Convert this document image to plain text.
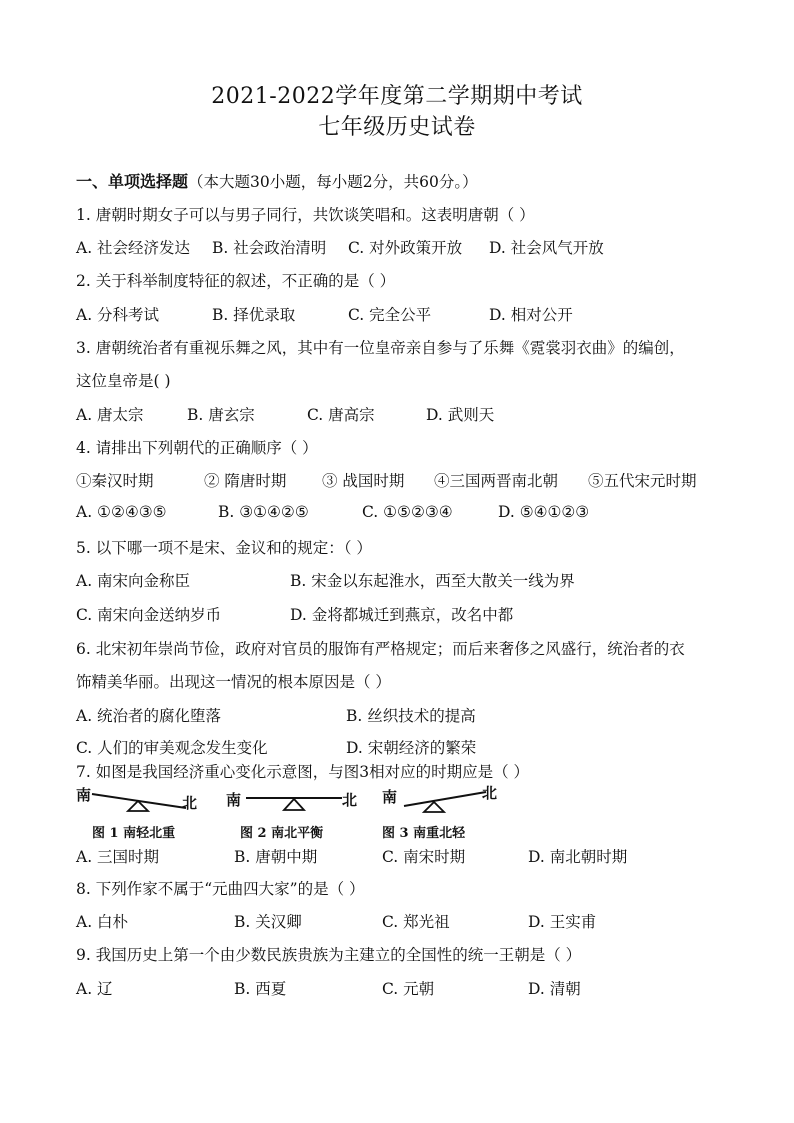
2021-2022学年度第二学期期中考试
七年级历史试卷
一、单项选择题（本大题30小题，每小题2分，共60分。）
1. 唐朝时期女子可以与男子同行，共饮谈笑唱和。这表明唐朝（ ）
A. 社会经济发达 B. 社会政治清明 C. 对外政策开放 D. 社会风气开放
2. 关于科举制度特征的叙述，不正确的是（ ）
A. 分科考试	B. 择优录取	C. 完全公平	D. 相对公开
3. 唐朝统治者有重视乐舞之风，其中有一位皇帝亲自参与了乐舞《霓裳羽衣曲》的编创，
这位皇帝是( )
A. 唐太宗	B. 唐玄宗	C. 唐高宗	D. 武则天
4. 请排出下列朝代的正确顺序（ ）
①秦汉时期	② 隋唐时期 ③ 战国时期 ④三国两晋南北朝 ⑤五代宋元时期
A. ①②④③⑤	B. ③①④②⑤	C. ①⑤②③④	D. ⑤④①②③
5. 以下哪一项不是宋、金议和的规定：（ ）
A. 南宋向金称臣	B. 宋金以东起淮水，西至大散关一线为界
C. 南宋向金送纳岁币	D. 金将都城迁到燕京，改名中都
6. 北宋初年崇尚节俭，政府对官员的服饰有严格规定；而后来奢侈之风盛行，统治者的衣
饰精美华丽。出现这一情况的根本原因是（ ）
A. 统治者的腐化堕落	B. 丝织技术的提高
C. 人们的审美观念发生变化	D. 宋朝经济的繁荣
7. 如图是我国经济重心变化示意图，与图3相对应的时期应是（ ）
南	北
图 1 南轻北重
南	北
图 2 南北平衡
南	北
图 3 南重北轻
A. 三国时期	B. 唐朝中期	C. 南宋时期	D. 南北朝时期
8. 下列作家不属于“元曲四大家”的是（ ）
A. 白朴	B. 关汉卿	C. 郑光祖	D. 王实甫
9. 我国历史上第一个由少数民族贵族为主建立的全国性的统一王朝是（ ）
A. 辽	B. 西夏	C. 元朝	D. 清朝
